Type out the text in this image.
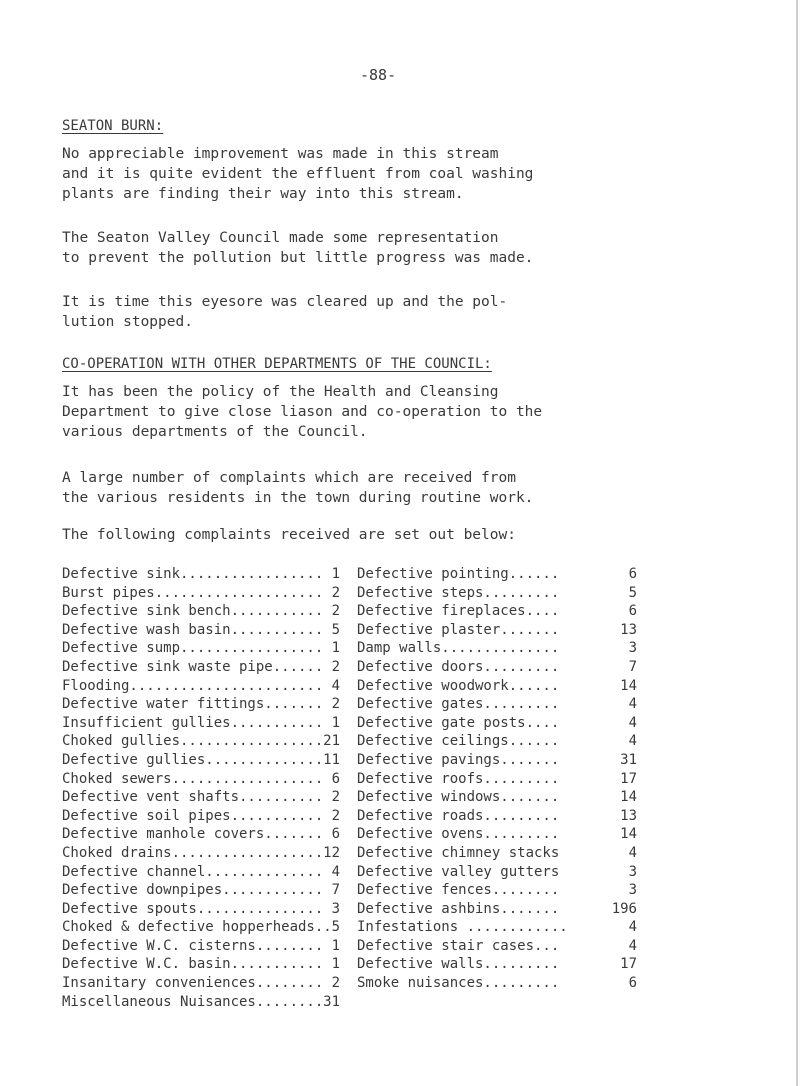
-88-
SEATON BURN:
No appreciable improvement was made in this stream
and it is quite evident the effluent from coal washing
plants are finding their way into this stream.
The Seaton Valley Council made some representation
to prevent the pollution but little progress was made.
It is time this eyesore was cleared up and the pol-
lution stopped.
CO-OPERATION WITH OTHER DEPARTMENTS OF THE COUNCIL:
It has been the policy of the Health and Cleansing
Department to give close liason and co-operation to the
various departments of the Council.
A large number of complaints which are received from
the various residents in the town during routine work.
The following complaints received are set out below:
Defective sink................. 1 Defective pointing......	6
Burst pipes.................... 2 Defective steps.........	5
Defective sink bench........... 2 Defective fireplaces....	6
Defective wash basin........... 5 Defective plaster.......	13
Defective sump................. 1 Damp walls..............	3
Defective sink waste pipe...... 2 Defective doors.........	7
Flooding....................... 4 Defective woodwork......	14
Defective water fittings....... 2 Defective gates.........	4
Insufficient gullies........... 1 Defective gate posts....	4
Choked gullies................. 21 Defective ceilings......	4
Defective gullies.............. 11 Defective pavings.......	31
Choked sewers.................. 6 Defective roofs.........	17
Defective vent shafts.......... 2 Defective windows.......	14
Defective soil pipes........... 2 Defective roads.........	13
Defective manhole covers....... 6 Defective ovens.........	14
Choked drains.................. 12 Defective chimney stacks	4
Defective channel.............. 4 Defective valley gutters	3
Defective downpipes............ 7 Defective fences........	3
Defective spouts............... 3 Defective ashbins.......	196
Choked & defective hopperheads.. 5 Infestations ............	4
Defective W.C. cisterns........ 1 Defective stair cases...	4
Defective W.C. basin........... 1 Defective walls.........	17
Insanitary conveniences........ 2 Smoke nuisances.........	6
Miscellaneous Nuisances........ 31
